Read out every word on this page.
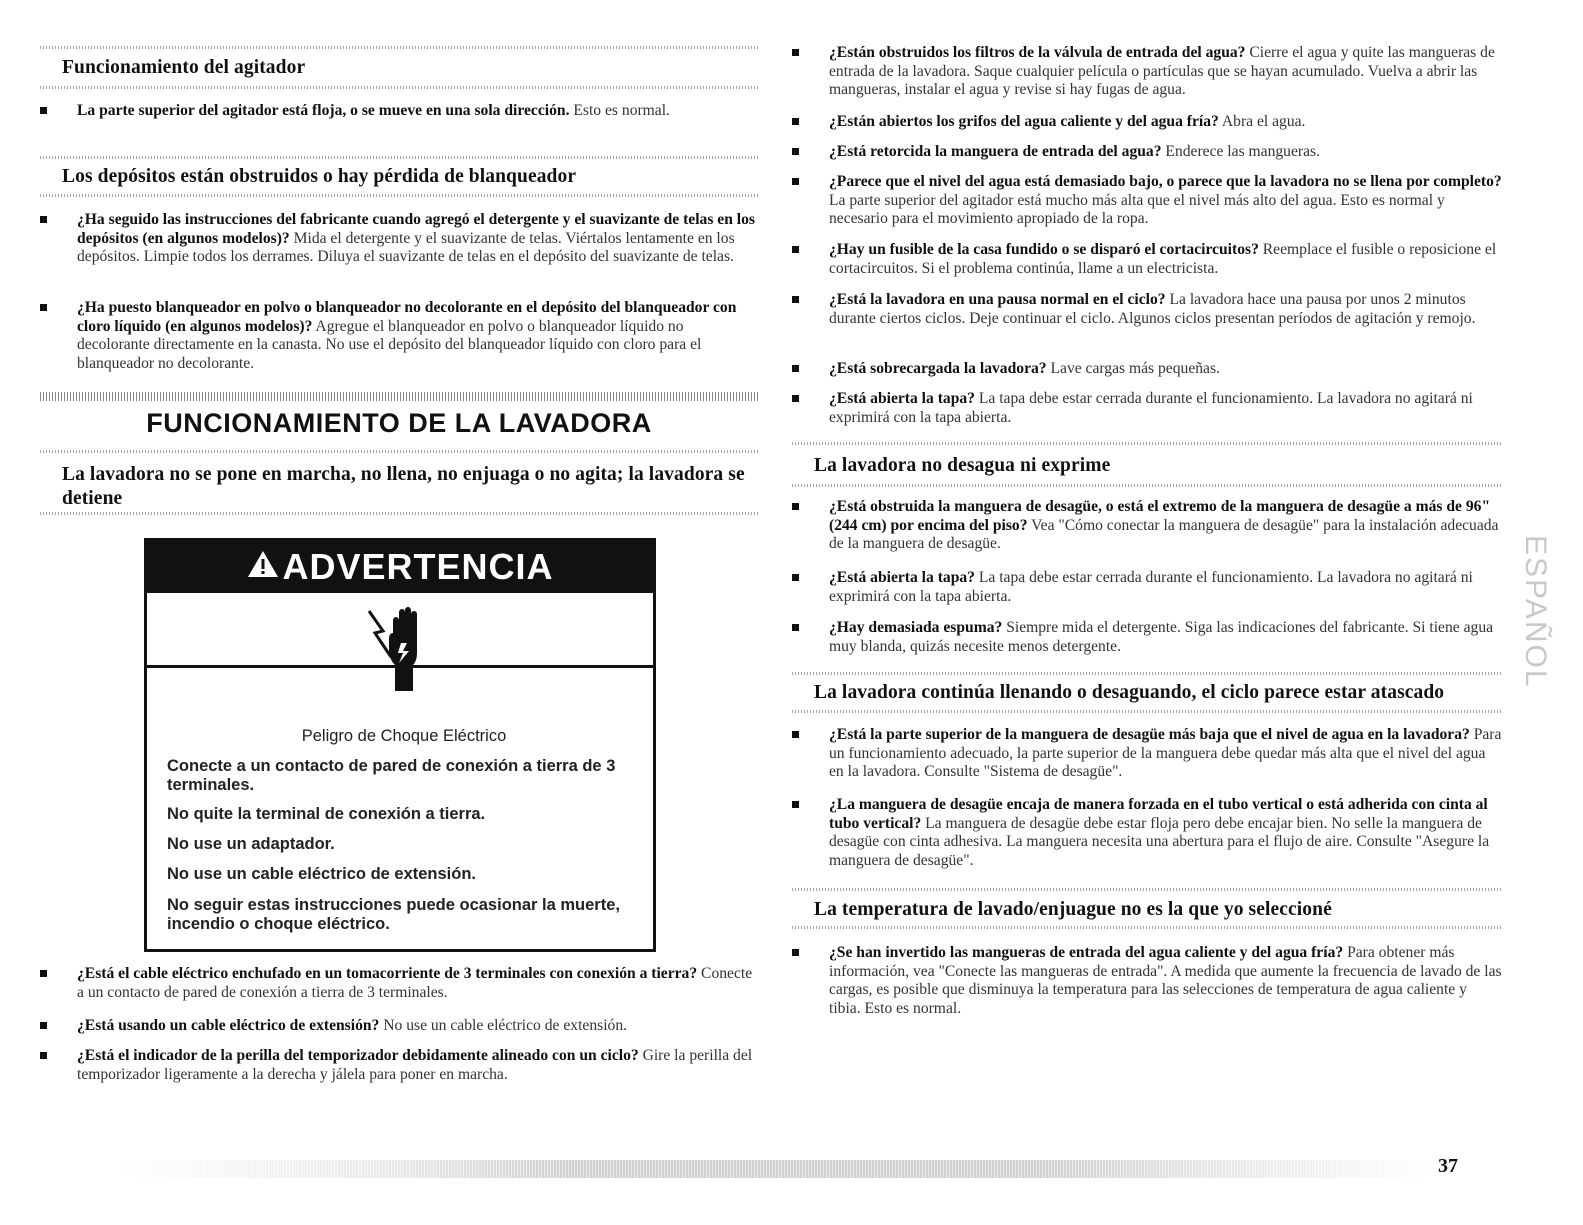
Funcionamiento del agitador
La parte superior del agitador está floja, o se mueve en una sola dirección. Esto es normal.
Los depósitos están obstruidos o hay pérdida de blanqueador
¿Ha seguido las instrucciones del fabricante cuando agregó el detergente y el suavizante de telas en los depósitos (en algunos modelos)? Mida el detergente y el suavizante de telas. Viértalos lentamente en los depósitos. Limpie todos los derrames. Diluya el suavizante de telas en el depósito del suavizante de telas.
¿Ha puesto blanqueador en polvo o blanqueador no decolorante en el depósito del blanqueador con cloro líquido (en algunos modelos)? Agregue el blanqueador en polvo o blanqueador líquido no decolorante directamente en la canasta. No use el depósito del blanqueador líquido con cloro para el blanqueador no decolorante.
FUNCIONAMIENTO DE LA LAVADORA
La lavadora no se pone en marcha, no llena, no enjuaga o no agita; la lavadora se
detiene
ADVERTENCIA
Peligro de Choque Eléctrico
Conecte a un contacto de pared de conexión a tierra de 3 terminales.
No quite la terminal de conexión a tierra.
No use un adaptador.
No use un cable eléctrico de extensión.
No seguir estas instrucciones puede ocasionar la muerte, incendio o choque eléctrico.
¿Está el cable eléctrico enchufado en un tomacorriente de 3 terminales con conexión a tierra? Conecte a un contacto de pared de conexión a tierra de 3 terminales.
¿Está usando un cable eléctrico de extensión? No use un cable eléctrico de extensión.
¿Está el indicador de la perilla del temporizador debidamente alineado con un ciclo? Gire la perilla del temporizador ligeramente a la derecha y jálela para poner en marcha.
¿Están obstruidos los filtros de la válvula de entrada del agua? Cierre el agua y quite las mangueras de entrada de la lavadora. Saque cualquier película o partículas que se hayan acumulado. Vuelva a abrir las mangueras, instalar el agua y revise si hay fugas de agua.
¿Están abiertos los grifos del agua caliente y del agua fría? Abra el agua.
¿Está retorcida la manguera de entrada del agua? Enderece las mangueras.
¿Parece que el nivel del agua está demasiado bajo, o parece que la lavadora no se llena por completo? La parte superior del agitador está mucho más alta que el nivel más alto del agua. Esto es normal y necesario para el movimiento apropiado de la ropa.
¿Hay un fusible de la casa fundido o se disparó el cortacircuitos? Reemplace el fusible o reposicione el cortacircuitos. Si el problema continúa, llame a un electricista.
¿Está la lavadora en una pausa normal en el ciclo? La lavadora hace una pausa por unos 2 minutos durante ciertos ciclos. Deje continuar el ciclo. Algunos ciclos presentan períodos de agitación y remojo.
¿Está sobrecargada la lavadora? Lave cargas más pequeñas.
¿Está abierta la tapa? La tapa debe estar cerrada durante el funcionamiento. La lavadora no agitará ni exprimirá con la tapa abierta.
La lavadora no desagua ni exprime
¿Está obstruida la manguera de desagüe, o está el extremo de la manguera de desagüe a más de 96" (244 cm) por encima del piso? Vea "Cómo conectar la manguera de desagüe" para la instalación adecuada de la manguera de desagüe.
¿Está abierta la tapa? La tapa debe estar cerrada durante el funcionamiento. La lavadora no agitará ni exprimirá con la tapa abierta.
¿Hay demasiada espuma? Siempre mida el detergente. Siga las indicaciones del fabricante. Si tiene agua muy blanda, quizás necesite menos detergente.
La lavadora continúa llenando o desaguando, el ciclo parece estar atascado
¿Está la parte superior de la manguera de desagüe más baja que el nivel de agua en la lavadora? Para un funcionamiento adecuado, la parte superior de la manguera debe quedar más alta que el nivel del agua en la lavadora. Consulte "Sistema de desagüe".
¿La manguera de desagüe encaja de manera forzada en el tubo vertical o está adherida con cinta al tubo vertical? La manguera de desagüe debe estar floja pero debe encajar bien. No selle la manguera de desagüe con cinta adhesiva. La manguera necesita una abertura para el flujo de aire. Consulte "Asegure la manguera de desagüe".
La temperatura de lavado/enjuague no es la que yo seleccioné
¿Se han invertido las mangueras de entrada del agua caliente y del agua fría? Para obtener más información, vea "Conecte las mangueras de entrada". A medida que aumente la frecuencia de lavado de las cargas, es posible que disminuya la temperatura para las selecciones de temperatura de agua caliente y tibia. Esto es normal.
ESPAÑOL
37
